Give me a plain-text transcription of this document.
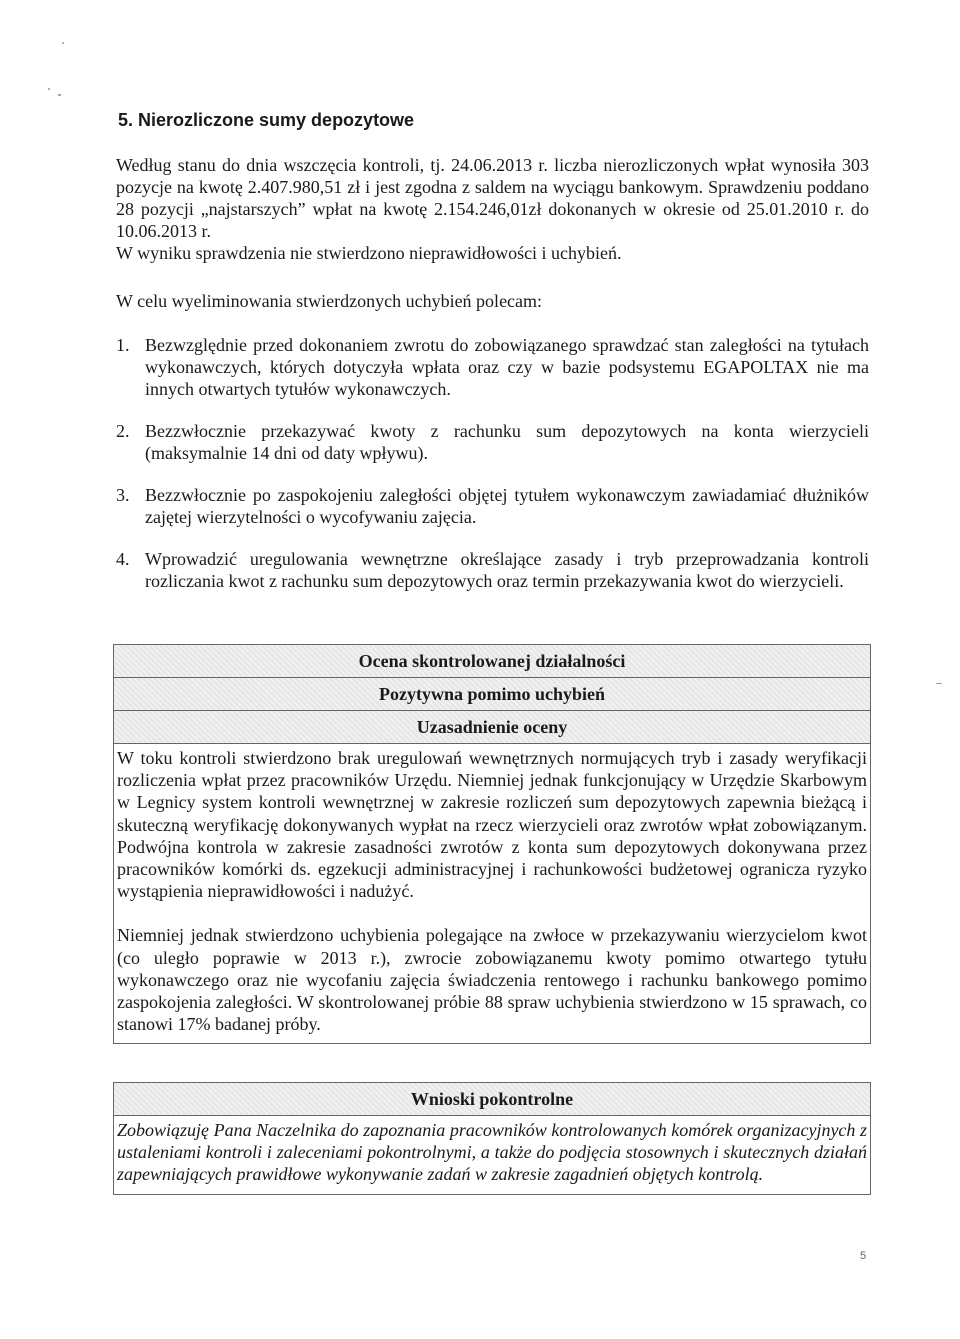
5. Nierozliczone sumy depozytowe

Według stanu do dnia wszczęcia kontroli, tj. 24.06.2013 r. liczba nierozliczonych wpłat wynosiła 303 pozycje na kwotę 2.407.980,51 zł i jest zgodna z saldem na wyciągu bankowym. Sprawdzeniu poddano 28 pozycji „najstarszych” wpłat na kwotę 2.154.246,01zł dokonanych w okresie od 25.01.2010 r. do 10.06.2013 r.

W wyniku sprawdzenia nie stwierdzono nieprawidłowości i uchybień.

W celu wyeliminowania stwierdzonych uchybień polecam:

1. Bezwzględnie przed dokonaniem zwrotu do zobowiązanego sprawdzać stan zaległości na tytułach wykonawczych, których dotyczyła wpłata oraz czy w bazie podsystemu EGAPOLTAX nie ma innych otwartych tytułów wykonawczych.
2. Bezzwłocznie przekazywać kwoty z rachunku sum depozytowych na konta wierzycieli (maksymalnie 14 dni od daty wpływu).
3. Bezzwłocznie po zaspokojeniu zaległości objętej tytułem wykonawczym zawiadamiać dłużników zajętej wierzytelności o wycofywaniu zajęcia.
4. Wprowadzić uregulowania wewnętrzne określające zasady i tryb przeprowadzania kontroli rozliczania kwot z rachunku sum depozytowych oraz termin przekazywania kwot do wierzycieli.
Ocena skontrolowanej działalności
Pozytywna pomimo uchybień
Uzasadnienie oceny

W toku kontroli stwierdzono brak uregulowań wewnętrznych normujących tryb i zasady weryfikacji rozliczenia wpłat przez pracowników Urzędu. Niemniej jednak funkcjonujący w Urzędzie Skarbowym w Legnicy system kontroli wewnętrznej w zakresie rozliczeń sum depozytowych zapewnia bieżącą i skuteczną weryfikację dokonywanych wypłat na rzecz wierzycieli oraz zwrotów wpłat zobowiązanym. Podwójna kontrola w zakresie zasadności zwrotów z konta sum depozytowych dokonywana przez pracowników komórki ds. egzekucji administracyjnej i rachunkowości budżetowej ogranicza ryzyko wystąpienia nieprawidłowości i nadużyć.

Niemniej jednak stwierdzono uchybienia polegające na zwłoce w przekazywaniu wierzycielom kwot (co uległo poprawie w 2013 r.), zwrocie zobowiązanemu kwoty pomimo otwartego tytułu wykonawczego oraz nie wycofaniu zajęcia świadczenia rentowego i rachunku bankowego pomimo zaspokojenia zaległości. W skontrolowanej próbie 88 spraw uchybienia stwierdzono w 15 sprawach, co stanowi 17% badanej próby.

Wnioski pokontrolne

Zobowiązuję Pana Naczelnika do zapoznania pracowników kontrolowanych komórek organizacyjnych z ustaleniami kontroli i zaleceniami pokontrolnymi, a także do podjęcia stosownych i skutecznych działań zapewniających prawidłowe wykonywanie zadań w zakresie zagadnień objętych kontrolą.

5
